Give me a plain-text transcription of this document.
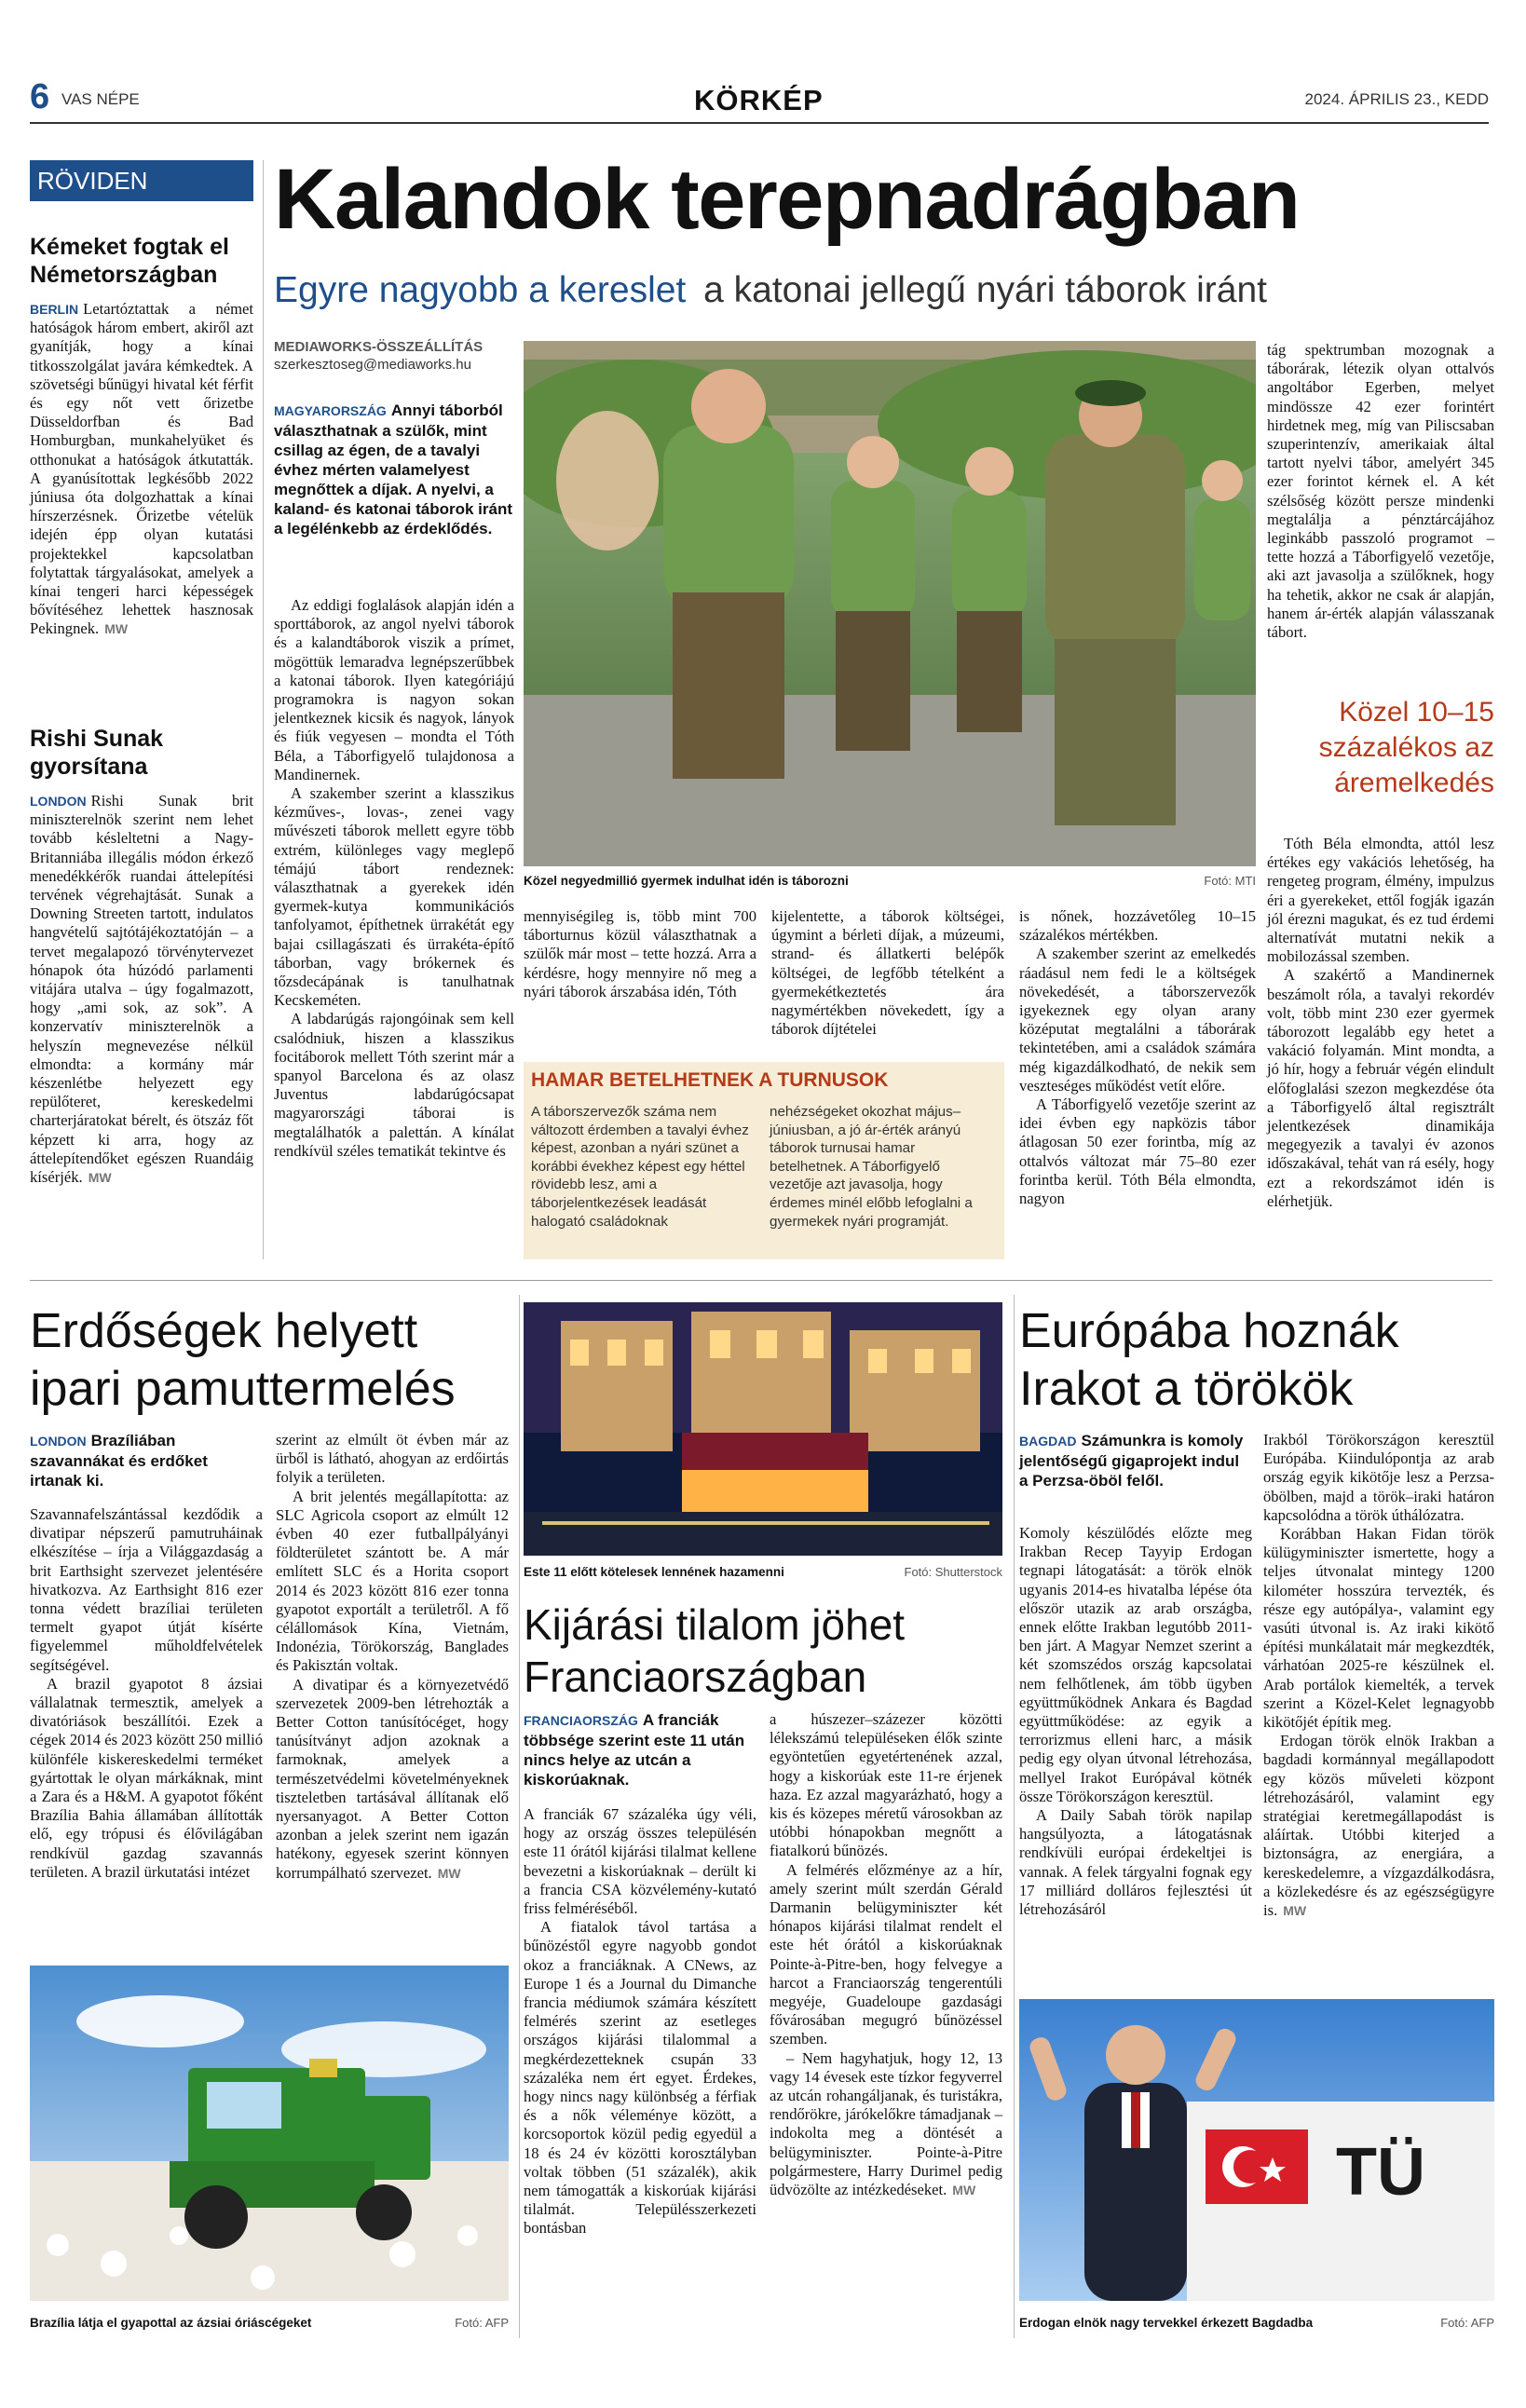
6 VAS NÉPE	KÖRKÉP	2024. ÁPRILIS 23., KEDD
RÖVIDEN
Kémeket fogtak el Németországban

BERLIN Letartóztattak a német hatóságok három embert, akiről azt gyanítják, hogy a kínai titkosszolgálat javára kémkedtek. A szövetségi bűnügyi hivatal két férfit és egy nőt vett őrizetbe Düsseldorfban és Bad Homburgban, munkahelyüket és otthonukat a hatóságok átkutatták. A gyanúsítottak legkésőbb 2022 júniusa óta dolgozhattak a kínai hírszerzésnek. Őrizetbe vételük idején épp olyan kutatási projektekkel kapcsolatban folytattak tárgyalásokat, amelyek a kínai tengeri harci képességek bővítéséhez lehettek hasznosak Pekingnek. MW

Rishi Sunak gyorsítana

LONDON Rishi Sunak brit miniszterelnök szerint nem lehet tovább késleltetni a Nagy-Britanniába illegális módon érkező menedékkérők ruandai áttelepítési tervének végrehajtását. Sunak a Downing Streeten tartott, indulatos hangvételű sajtótájékoztatóján – a tervet megalapozó törvénytervezet hónapok óta húzódó parlamenti vitájára utalva – úgy fogalmazott, hogy „ami sok, az sok”. A konzervatív miniszterelnök a helyszín megnevezése nélkül elmondta: a kormány már készenlétbe helyezett egy repülőteret, kereskedelmi charterjáratokat bérelt, és ötszáz főt képzett ki arra, hogy az áttelepítendőket egészen Ruandáig kísérjék. MW

Kalandok terepnadrágban
Egyre nagyobb a kereslet a katonai jellegű nyári táborok iránt
MEDIAWORKS-ÖSSZEÁLLÍTÁS
szerkesztoseg@mediaworks.hu
MAGYARORSZÁG Annyi táborból választhatnak a szülők, mint csillag az égen, de a tavalyi évhez mérten valamelyest megnőttek a díjak. A nyelvi, a kaland- és katonai táborok iránt a legélénkebb az érdeklődés.

Az eddigi foglalások alapján idén a sporttáborok, az angol nyelvi táborok és a kalandtáborok viszik a prímet, mögöttük lemaradva legnépszerűbbek a katonai táborok. Ilyen kategóriájú programokra is nagyon sokan jelentkeznek kicsik és nagyok, lányok és fiúk vegyesen – mondta el Tóth Béla, a Táborfigyelő tulajdonosa a Mandinernek.

A szakember szerint a klasszikus kézműves-, lovas-, zenei vagy művészeti táborok mellett egyre több extrém, különleges vagy meglepő témájú tábort rendeznek: választhatnak a gyerekek idén gyermek-kutya kommunikációs tanfolyamot, építhetnek ürrakétát egy bajai csillagászati és ürrakéta-építő táborban, vagy brókernek és tőzsdecápának is tanulhatnak Kecskeméten.

A labdarúgás rajongóinak sem kell csalódniuk, hiszen a klasszikus focitáborok mellett Tóth szerint már a spanyol Barcelona és az olasz Juventus labdarúgócsapat magyarországi táborai is megtalálhatók a palettán. A kínálat rendkívül széles tematikát tekintve és

Közel negyedmillió gyermek indulhat idén is táborozni	Fotó: MTI

mennyiségileg is, több mint 700 táborturnus közül választhatnak a szülők már most – tette hozzá. Arra a kérdésre, hogy mennyire nő meg a nyári táborok árszabása idén, Tóth

kijelentette, a táborok költségei, úgymint a bérleti díjak, a múzeumi, strand- és állatkerti belépők költségei, de legfőbb tételként a gyermekétkeztetés ára nagymértékben növekedett, így a táborok díjtételei

HAMAR BETELHETNEK A TURNUSOK
A táborszervezők száma nem változott érdemben a tavalyi évhez képest, azonban a nyári szünet a korábbi évekhez képest egy héttel rövidebb lesz, ami a táborjelentkezések leadását halogató családoknak
nehézségeket okozhat május–júniusban, a jó ár-érték arányú táborok turnusai hamar betelhetnek. A Táborfigyelő vezetője azt javasolja, hogy érdemes minél előbb lefoglalni a gyermekek nyári programját.

is nőnek, hozzávetőleg 10–15 százalékos mértékben.

A szakember szerint az emelkedés ráadásul nem fedi le a költségek növekedését, a táborszervezők igyekeznek egy olyan arany középutat megtalálni a táborárak tekintetében, ami a családok számára még kigazdálkodható, de nekik sem veszteséges működést vetít előre.

A Táborfigyelő vezetője szerint az idei évben egy napközis tábor átlagosan 50 ezer forintba, míg az ottalvós változat már 75–80 ezer forintba kerül. Tóth Béla elmondta, nagyon

tág spektrumban mozognak a táborárak, létezik olyan ottalvós angoltábor Egerben, melyet mindössze 42 ezer forintért hirdetnek meg, míg van Piliscsaban szuperintenzív, amerikaiak által tartott nyelvi tábor, amelyért 345 ezer forintot kérnek el. A két szélsőség között persze mindenki megtalálja a pénztárcájához leginkább passzoló programot – tette hozzá a Táborfigyelő vezetője, aki azt javasolja a szülőknek, hogy ha tehetik, akkor ne csak ár alapján, hanem ár-érték alapján válasszanak tábort.

Közel 10–15 százalékos az áremelkedés

Tóth Béla elmondta, attól lesz értékes egy vakációs lehetőség, ha rengeteg program, élmény, impulzus éri a gyerekeket, ettől fogják igazán jól érezni magukat, és ez tud érdemi alternatívát mutatni nekik a mobilozással szemben.

A szakértő a Mandinernek beszámolt róla, a tavalyi rekordév volt, több mint 230 ezer gyermek táborozott legalább egy hetet a vakáció folyamán. Mint mondta, a jó hír, hogy a február végén elindult előfoglalási szezon megkezdése óta a Táborfigyelő által regisztrált jelentkezések dinamikája megegyezik a tavalyi év azonos időszakával, tehát van rá esély, hogy ezt a rekordszámot idén is elérhetjük.

Erdőségek helyett ipari pamuttermelés
LONDON Brazíliában szavannákat és erdőket irtanak ki.

Szavannafelszántással kezdődik a divatipar népszerű pamutruháinak elkészítése – írja a Világgazdaság a brit Earthsight szervezet jelentésére hivatkozva. Az Earthsight 816 ezer tonna védett brazíliai területen termelt gyapot útját kísérte figyelemmel műholdfelvételek segítségével.

A brazil gyapotot 8 ázsiai vállalatnak termesztik, amelyek a divatóriások beszállítói. Ezek a cégek 2014 és 2023 között 250 millió különféle kiskereskedelmi terméket gyártottak le olyan márkáknak, mint a Zara és a H&M. A gyapotot főként Brazília Bahia államában állították elő, egy trópusi és élővilágában rendkívül gazdag szavannás területen. A brazil ürkutatási intézet

szerint az elmúlt öt évben már az ürből is látható, ahogyan az erdőirtás folyik a területen.

A brit jelentés megállapította: az SLC Agricola csoport az elmúlt 12 évben 40 ezer futballpályányi földterületet szántott be. A már említett SLC és a Horita csoport 2014 és 2023 között 816 ezer tonna gyapotot exportált a területről. A fő célállomások Kína, Vietnám, Indonézia, Törökország, Banglades és Pakisztán voltak.

A divatipar és a környezetvédő szervezetek 2009-ben létrehozták a Better Cotton tanúsítócéget, hogy tanúsítványt adjon azoknak a farmoknak, amelyek a természetvédelmi követelményeknek tiszteletben tartásával állítanak elő nyersanyagot. A Better Cotton azonban a jelek szerint nem igazán hatékony, egyesek szerint könnyen korrumpálható szervezet. MW

Brazília látja el gyapottal az ázsiai óriáscégeket	Fotó: AFP
Este 11 előtt kötelesek lennének hazamenni	Fotó: Shutterstock
Kijárási tilalom jöhet Franciaországban
FRANCIAORSZÁG A franciák többsége szerint este 11 után nincs helye az utcán a kiskorúaknak.

A franciák 67 százaléka úgy véli, hogy az ország összes településén este 11 órától kijárási tilalmat kellene bevezetni a kiskorúaknak – derült ki a francia CSA közvélemény-kutató friss felméréséből.

A fiatalok távol tartása a bűnözéstől egyre nagyobb gondot okoz a franciáknak. A CNews, az Europe 1 és a Journal du Dimanche francia médiumok számára készített felmérés szerint az esetleges országos kijárási tilalommal a megkérdezetteknek csupán 33 százaléka nem ért egyet. Érdekes, hogy nincs nagy különbség a férfiak és a nők véleménye között, a korcsoportok közül pedig egyedül a 18 és 24 év közötti korosztályban voltak többen (51 százalék), akik nem támogatták a kiskorúak kijárási tilalmát. Településszerkezeti bontásban

a húszezer–százezer közötti lélekszámú településeken élők szinte egyöntetűen egyetértenének azzal, hogy a kiskorúak este 11-re érjenek haza. Ez azzal magyarázható, hogy a kis és közepes méretű városokban az utóbbi hónapokban megnőtt a fiatalkorú bűnözés.

A felmérés előzménye az a hír, amely szerint múlt szerdán Gérald Darmanin belügyminiszter két hónapos kijárási tilalmat rendelt el este hét órától a kiskorúaknak Pointe-à-Pitre-ben, hogy felvegye a harcot a Franciaország tengerentúli megyéje, Guadeloupe gazdasági fővárosában megugró bűnözéssel szemben.

– Nem hagyhatjuk, hogy 12, 13 vagy 14 évesek este tízkor fegyverrel az utcán rohangáljanak, és turistákra, rendőrökre, járókelőkre támadjanak – indokolta meg a döntését a belügyminiszter. Pointe-à-Pitre polgármestere, Harry Durimel pedig üdvözölte az intézkedéseket. MW

Európába hoznák Irakot a törökök
BAGDAD Számunkra is komoly jelentőségű gigaprojekt indul a Perzsa-öböl felől.

Komoly készülődés előzte meg Irakban Recep Tayyip Erdogan tegnapi látogatását: a török elnök ugyanis 2014-es hivatalba lépése óta először utazik az arab országba, ennek előtte Irakban legutóbb 2011-ben járt. A Magyar Nemzet szerint a két szomszédos ország kapcsolatai nem felhőtlenek, ám több ügyben együttműködnek Ankara és Bagdad együttműködése: az egyik a terrorizmus elleni harc, a másik pedig egy olyan útvonal létrehozása, mellyel Irakot Európával kötnék össze Törökországon keresztül.

A Daily Sabah török napilap hangsúlyozta, a látogatásnak rendkívüli európai érdekeltjei is vannak. A felek tárgyalni fognak egy 17 milliárd dolláros fejlesztési út létrehozásáról

Irakból Törökországon keresztül Európába. Kiindulópontja az arab ország egyik kikötője lesz a Perzsa-öbölben, majd a török–iraki határon kapcsolódna a török úthálózatra.

Korábban Hakan Fidan török külügyminiszter ismertette, hogy a teljes útvonalat mintegy 1200 kilométer hosszúra tervezték, és része egy autópálya-, valamint egy vasúti útvonal is. Az iraki kikötő építési munkálatait már megkezdték, várhatóan 2025-re készülnek el. Arab portálok kiemelték, a tervek szerint a Közel-Kelet legnagyobb kikötőjét építik meg.

Erdogan török elnök Irakban a bagdadi kormánnyal megállapodott egy közös műveleti központ létrehozásáról, valamint egy stratégiai keretmegállapodást is aláírtak. Utóbbi kiterjed a biztonságra, az energiára, a kereskedelemre, a vízgazdálkodásra, a közlekedésre és az egészségügyre is. MW

TÜ
Erdogan elnök nagy tervekkel érkezett Bagdadba	Fotó: AFP
